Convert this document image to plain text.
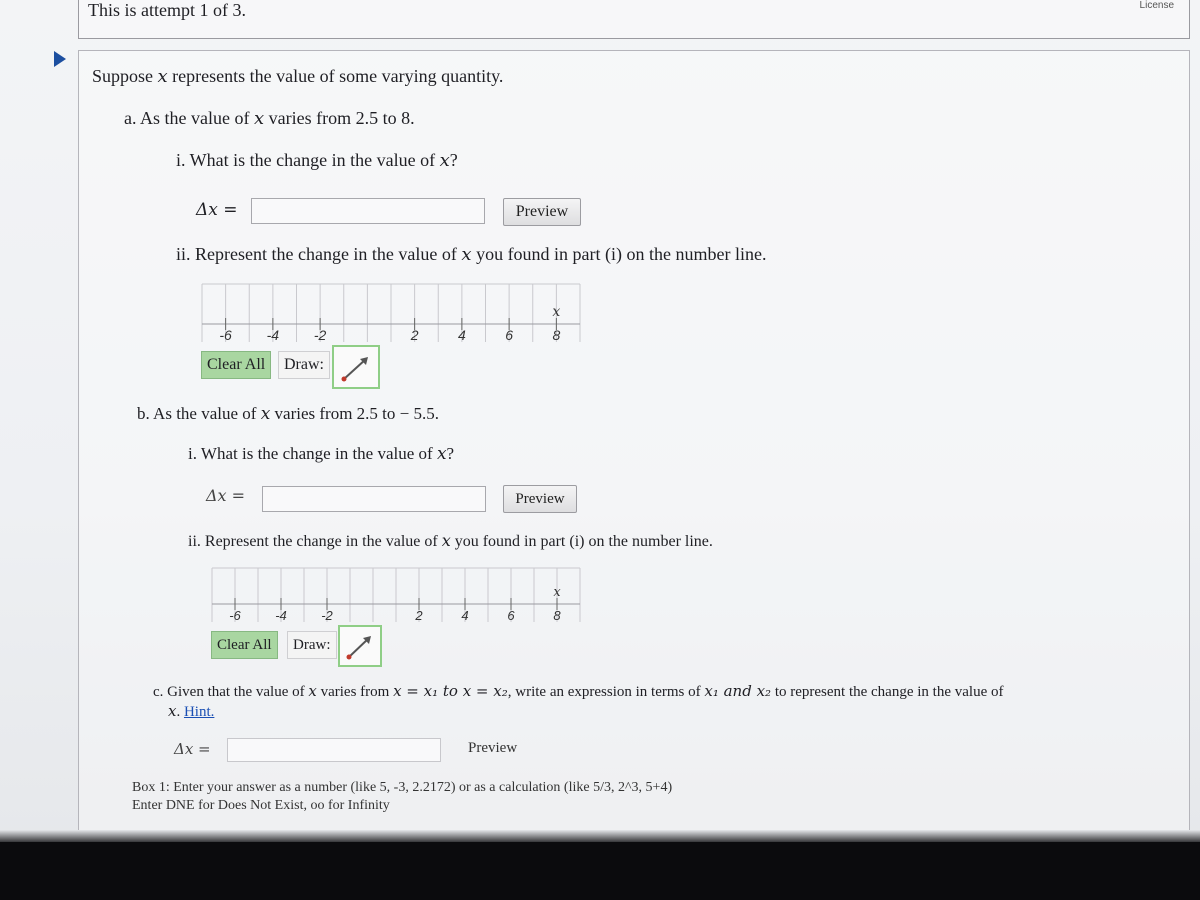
This is attempt 1 of 3.	License
Suppose x represents the value of some varying quantity.
a. As the value of x varies from 2.5 to 8.
i. What is the change in the value of x?
Δx =	Preview
ii. Represent the change in the value of x you found in part (i) on the number line.
-6 -4 -2	2	4	6	8
x
Clear All	Draw:
b. As the value of x varies from 2.5 to − 5.5.
i. What is the change in the value of x?
Δx =	Preview
ii. Represent the change in the value of x you found in part (i) on the number line.
-6	-4	-2	2	4	6	8
x
Clear All	Draw:
c. Given that the value of x varies from x = x₁ to x = x₂, write an expression in terms of x₁ and x₂ to represent the change in the value of
x. Hint.
Δx =	Preview
Box 1: Enter your answer as a number (like 5, -3, 2.2172) or as a calculation (like 5/3, 2^3, 5+4)
Enter DNE for Does Not Exist, oo for Infinity
